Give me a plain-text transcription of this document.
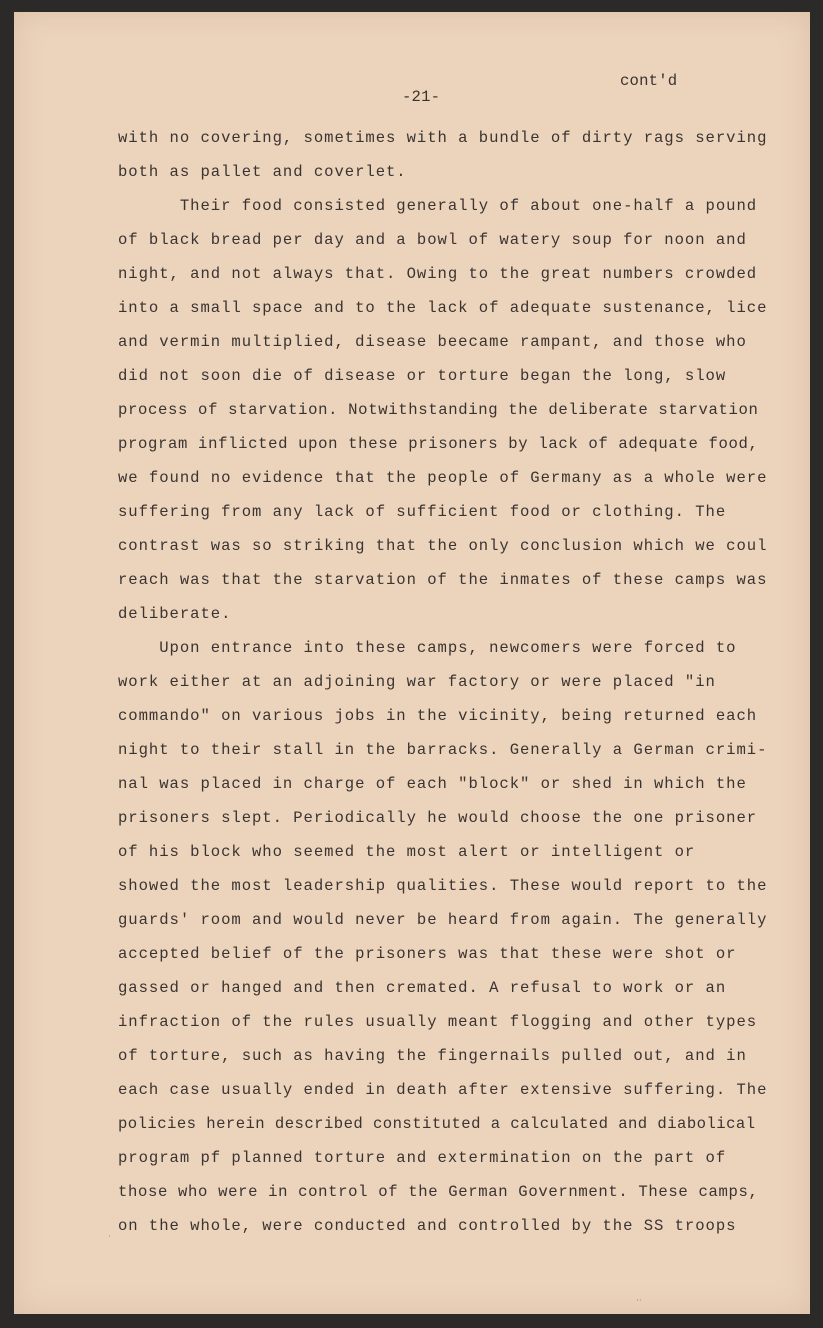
cont'd
-21-
with no covering, sometimes with a bundle of dirty rags serving
both as pallet and coverlet.
Their food consisted generally of about one-half a pound
of black bread per day and a bowl of watery soup for noon and
night, and not always that. Owing to the great numbers crowded
into a small space and to the lack of adequate sustenance, lice
and vermin multiplied, disease beecame rampant, and those who
did not soon die of disease or torture began the long, slow
process of starvation. Notwithstanding the deliberate starvation
program inflicted upon these prisoners by lack of adequate food,
we found no evidence that the people of Germany as a whole were
suffering from any lack of sufficient food or clothing. The
contrast was so striking that the only conclusion which we coul
reach was that the starvation of the inmates of these camps was
deliberate.
Upon entrance into these camps, newcomers were forced to
work either at an adjoining war factory or were placed "in
commando" on various jobs in the vicinity, being returned each
night to their stall in the barracks. Generally a German crimi-
nal was placed in charge of each "block" or shed in which the
prisoners slept. Periodically he would choose the one prisoner
of his block who seemed the most alert or intelligent or
showed the most leadership qualities. These would report to the
guards' room and would never be heard from again. The generally
accepted belief of the prisoners was that these were shot or
gassed or hanged and then cremated. A refusal to work or an
infraction of the rules usually meant flogging and other types
of torture, such as having the fingernails pulled out, and in
each case usually ended in death after extensive suffering. The
policies herein described constituted a calculated and diabolical
program pf planned torture and extermination on the part of
those who were in control of the German Government. These camps,
on the whole, were conducted and controlled by the SS troops
·
··
